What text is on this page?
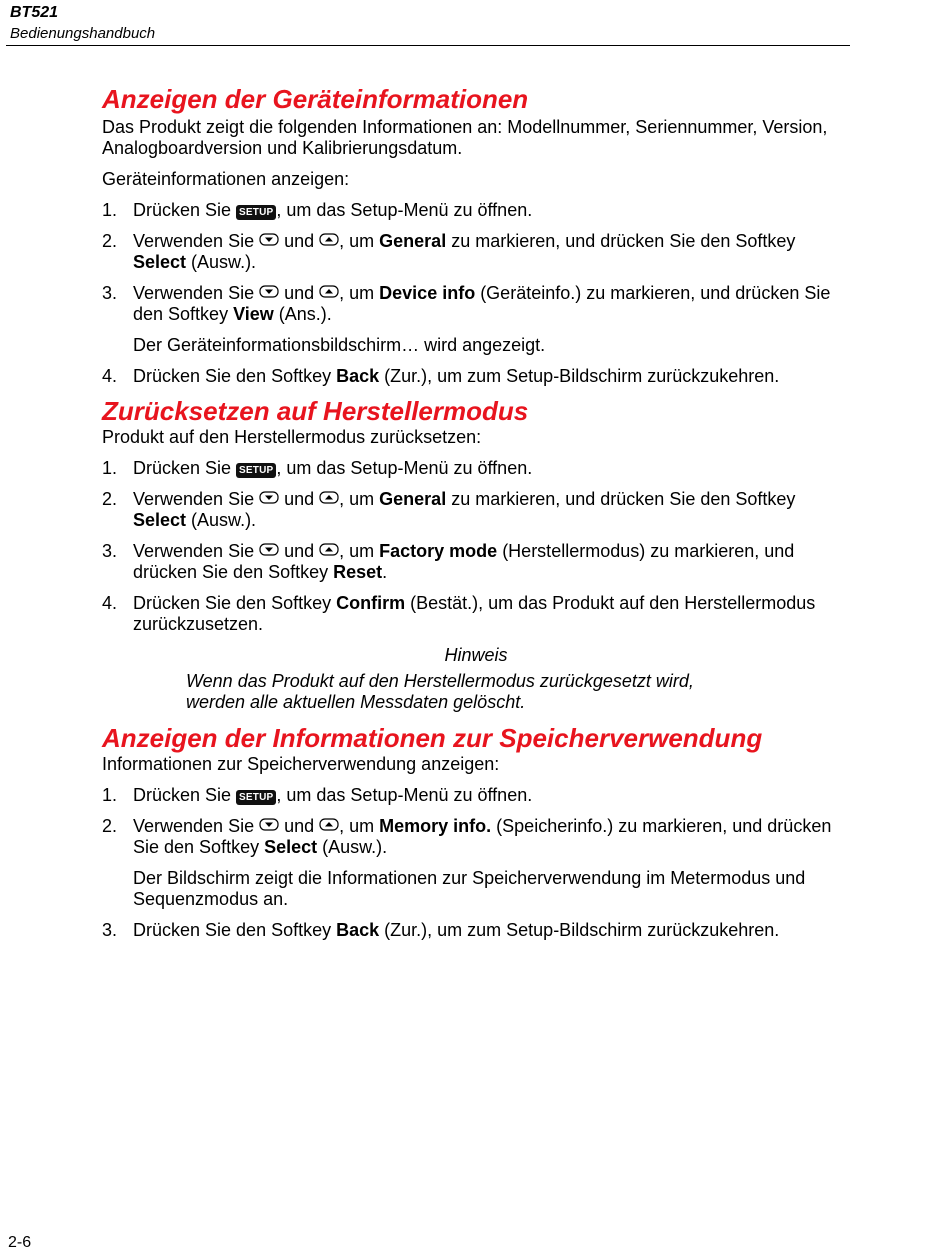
BT521
Bedienungshandbuch
Anzeigen der Geräteinformationen

Das Produkt zeigt die folgenden Informationen an: Modellnummer, Seriennummer, Version, Analogboardversion und Kalibrierungsdatum.

Geräteinformationen anzeigen:

1. Drücken Sie SETUP , um das Setup-Menü zu öffnen.
2. Verwenden Sie
und
, um General zu markieren, und drücken Sie den Softkey Select (Ausw.).
3. Verwenden Sie
und
, um Device info (Geräteinfo.) zu markieren, und drücken Sie den Softkey View (Ans.).

Der Geräteinformationsbildschirm… wird angezeigt.

4. Drücken Sie den Softkey Back (Zur.), um zum Setup-Bildschirm zurückzukehren.
Zurücksetzen auf Herstellermodus

Produkt auf den Herstellermodus zurücksetzen:

1. Drücken Sie SETUP , um das Setup-Menü zu öffnen.
2. Verwenden Sie
und
, um General zu markieren, und drücken Sie den Softkey Select (Ausw.).
3. Verwenden Sie
und
, um Factory mode (Herstellermodus) zu markieren, und drücken Sie den Softkey Reset.
4. Drücken Sie den Softkey Confirm (Bestät.), um das Produkt auf den Herstellermodus zurückzusetzen.

Hinweis

Wenn das Produkt auf den Herstellermodus zurückgesetzt wird, werden alle aktuellen Messdaten gelöscht.

Anzeigen der Informationen zur Speicherverwendung

Informationen zur Speicherverwendung anzeigen:

1. Drücken Sie SETUP , um das Setup-Menü zu öffnen.
2. Verwenden Sie
und
, um Memory info. (Speicherinfo.) zu markieren, und drücken Sie den Softkey Select (Ausw.).

Der Bildschirm zeigt die Informationen zur Speicherverwendung im Metermodus und Sequenzmodus an.

3. Drücken Sie den Softkey Back (Zur.), um zum Setup-Bildschirm zurückzukehren.
2-6
